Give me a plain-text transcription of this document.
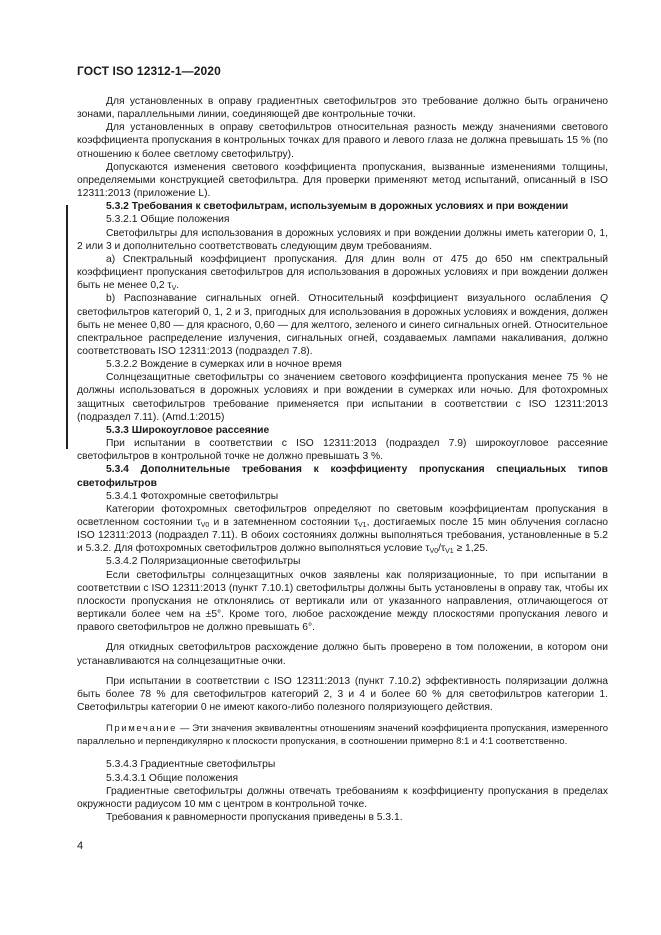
ГОСТ ISO 12312-1—2020

Для установленных в оправу градиентных светофильтров это требование должно быть ограничено зонами, параллельными линии, соединяющей две контрольные точки.

Для установленных в оправу светофильтров относительная разность между значениями светового коэффициента пропускания в контрольных точках для правого и левого глаза не должна превышать 15 % (по отношению к более светлому светофильтру).

Допускаются изменения светового коэффициента пропускания, вызванные изменениями толщины, определяемыми конструкцией светофильтра. Для проверки применяют метод испытаний, описанный в ISO 12311:2013 (приложение L).

5.3.2 Требования к светофильтрам, используемым в дорожных условиях и при вождении

5.3.2.1 Общие положения

Светофильтры для использования в дорожных условиях и при вождении должны иметь категории 0, 1, 2 или 3 и дополнительно соответствовать следующим двум требованиям.

а) Спектральный коэффициент пропускания. Для длин волн от 475 до 650 нм спектральный коэффициент пропускания светофильтров для использования в дорожных условиях и при вождении должен быть не менее 0,2 $\tau_V$.

b) Распознавание сигнальных огней. Относительный коэффициент визуального ослабления Q светофильтров категорий 0, 1, 2 и 3, пригодных для использования в дорожных условиях и вождения, должен быть не менее 0,80 — для красного, 0,60 — для желтого, зеленого и синего сигнальных огней. Относительное спектральное распределение излучения, сигнальных огней, создаваемых лампами накаливания, должно соответствовать ISO 12311:2013 (подраздел 7.8).

5.3.2.2 Вождение в сумерках или в ночное время

Солнцезащитные светофильтры со значением светового коэффициента пропускания менее 75 % не должны использоваться в дорожных условиях и при вождении в сумерках или ночью. Для фотохромных защитных светофильтров требование применяется при испытании в соответствии с ISO 12311:2013 (подраздел 7.11). (Amd.1:2015)

5.3.3 Широкоугловое рассеяние

При испытании в соответствии с ISO 12311:2013 (подраздел 7.9) широкоугловое рассеяние светофильтров в контрольной точке не должно превышать 3 %.

5.3.4 Дополнительные требования к коэффициенту пропускания специальных типов светофильтров

5.3.4.1 Фотохромные светофильтры

Категории фотохромных светофильтров определяют по световым коэффициентам пропускания в осветленном состоянии $\tau_{V0}$ и в затемненном состоянии $\tau_{V1}$, достигаемых после 15 мин облучения согласно ISO 12311:2013 (подраздел 7.11). В обоих состояниях должны выполняться требования, установленные в 5.2 и 5.3.2. Для фотохромных светофильтров должно выполняться условие $\tau_{V0}/\tau_{V1} \ge 1,25$.

5.3.4.2 Поляризационные светофильтры

Если светофильтры солнцезащитных очков заявлены как поляризационные, то при испытании в соответствии с ISO 12311:2013 (пункт 7.10.1) светофильтры должны быть установлены в оправу так, чтобы их плоскости пропускания не отклонялись от вертикали или от указанного направления, отличающегося от вертикали более чем на ±5°. Кроме того, любое расхождение между плоскостями пропускания левого и правого светофильтров не должно превышать 6°.

Для откидных светофильтров расхождение должно быть проверено в том положении, в котором они устанавливаются на солнцезащитные очки.

При испытании в соответствии с ISO 12311:2013 (пункт 7.10.2) эффективность поляризации должна быть более 78 % для светофильтров категорий 2, 3 и 4 и более 60 % для светофильтров категории 1. Светофильтры категории 0 не имеют какого-либо полезного поляризующего действия.

Примечание — Эти значения эквивалентны отношениям значений коэффициента пропускания, измеренного параллельно и перпендикулярно к плоскости пропускания, в соотношении примерно 8:1 и 4:1 соответственно.

5.3.4.3 Градиентные светофильтры

5.3.4.3.1 Общие положения

Градиентные светофильтры должны отвечать требованиям к коэффициенту пропускания в пределах окружности радиусом 10 мм с центром в контрольной точке.

Требования к равномерности пропускания приведены в 5.3.1.

4
